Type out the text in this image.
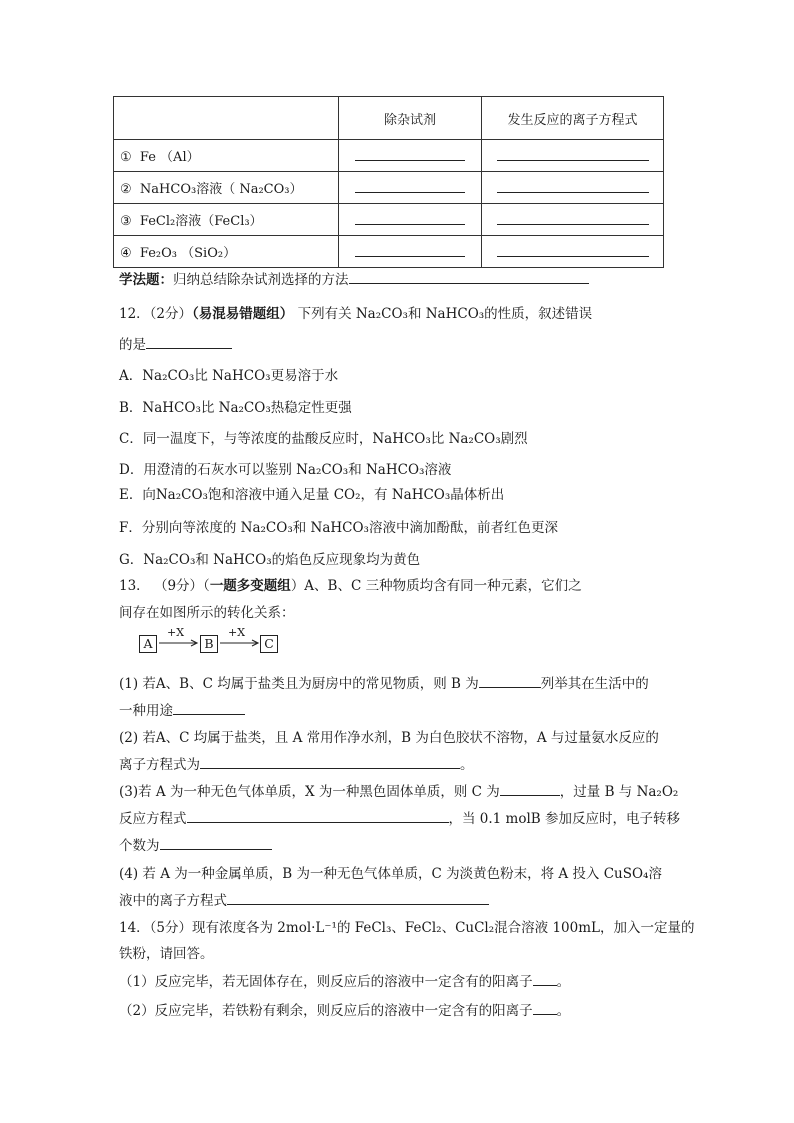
	除杂试剂	发生反应的离子方程式
① Fe （Al）		
② NaHCO₃溶液（ Na₂CO₃）		
③ FeCl₂溶液（FeCl₃）		
④ Fe₂O₃ （SiO₂）		
学法题：归纳总结除杂试剂选择的方法
12．（2分）（易混易错题组） 下列有关 Na₂CO₃和 NaHCO₃的性质，叙述错误
的是
A．Na₂CO₃比 NaHCO₃更易溶于水
B．NaHCO₃比 Na₂CO₃热稳定性更强
C．同一温度下，与等浓度的盐酸反应时，NaHCO₃比 Na₂CO₃剧烈
D．用澄清的石灰水可以鉴别 Na₂CO₃和 NaHCO₃溶液
E．向Na₂CO₃饱和溶液中通入足量 CO₂，有 NaHCO₃晶体析出
F．分别向等浓度的 Na₂CO₃和 NaHCO₃溶液中滴加酚酞，前者红色更深
G．Na₂CO₃和 NaHCO₃的焰色反应现象均为黄色
13． （9分）（一题多变题组）A、B、C 三种物质均含有同一种元素，它们之
间存在如图所示的转化关系：
A
+X
B
+X
C
(1) 若A、B、C 均属于盐类且为厨房中的常见物质，则 B 为	列举其在生活中的
一种用途
(2) 若A、C 均属于盐类，且 A 常用作净水剂，B 为白色胶状不溶物，A 与过量氨水反应的
离子方程式为	。
(3)若 A 为一种无色气体单质，X 为一种黑色固体单质，则 C 为	，过量 B 与 Na₂O₂
反应方程式	，当 0.1 molB 参加反应时，电子转移
个数为
(4) 若 A 为一种金属单质，B 为一种无色气体单质，C 为淡黄色粉末，将 A 投入 CuSO₄溶
液中的离子方程式
14．（5分）现有浓度各为 2mol·L⁻¹的 FeCl₃、FeCl₂、CuCl₂混合溶液 100mL，加入一定量的
铁粉，请回答。
（1）反应完毕，若无固体存在，则反应后的溶液中一定含有的阳离子 。
（2）反应完毕，若铁粉有剩余，则反应后的溶液中一定含有的阳离子 。
